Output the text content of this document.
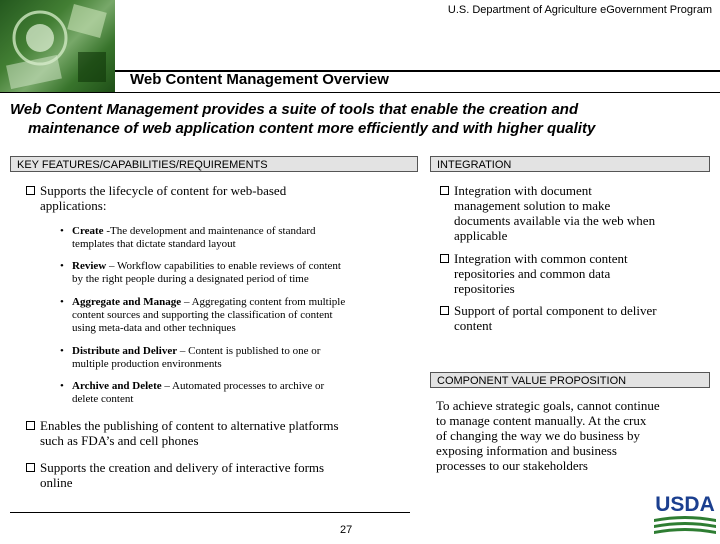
U.S. Department of Agriculture eGovernment Program
Web Content Management Overview
Web Content Management provides a suite of tools that enable the creation and
maintenance of web application content more efficiently and with higher quality
KEY FEATURES/CAPABILITIES/REQUIREMENTS	INTEGRATION
COMPONENT VALUE PROPOSITION
Supports the lifecycle of content for web-based
applications:
• Create -The development and maintenance of standard
templates that dictate standard layout
• Review – Workflow capabilities to enable reviews of content
by the right people during a designated period of time
• Aggregate and Manage – Aggregating content from multiple
content sources and supporting the classification of content
using meta-data and other techniques
• Distribute and Deliver – Content is published to one or
multiple production environments
• Archive and Delete – Automated processes to archive or
delete content
Enables the publishing of content to alternative platforms
such as FDA’s and cell phones
Supports the creation and delivery of interactive forms
online
Integration with document
management solution to make
documents available via the web when
applicable
Integration with common content
repositories and common data
repositories
Support of portal component to deliver
content
To achieve strategic goals, cannot continue
to manage content manually. At the crux
of changing the way we do business by
exposing information and business
processes to our stakeholders
27
USDA
